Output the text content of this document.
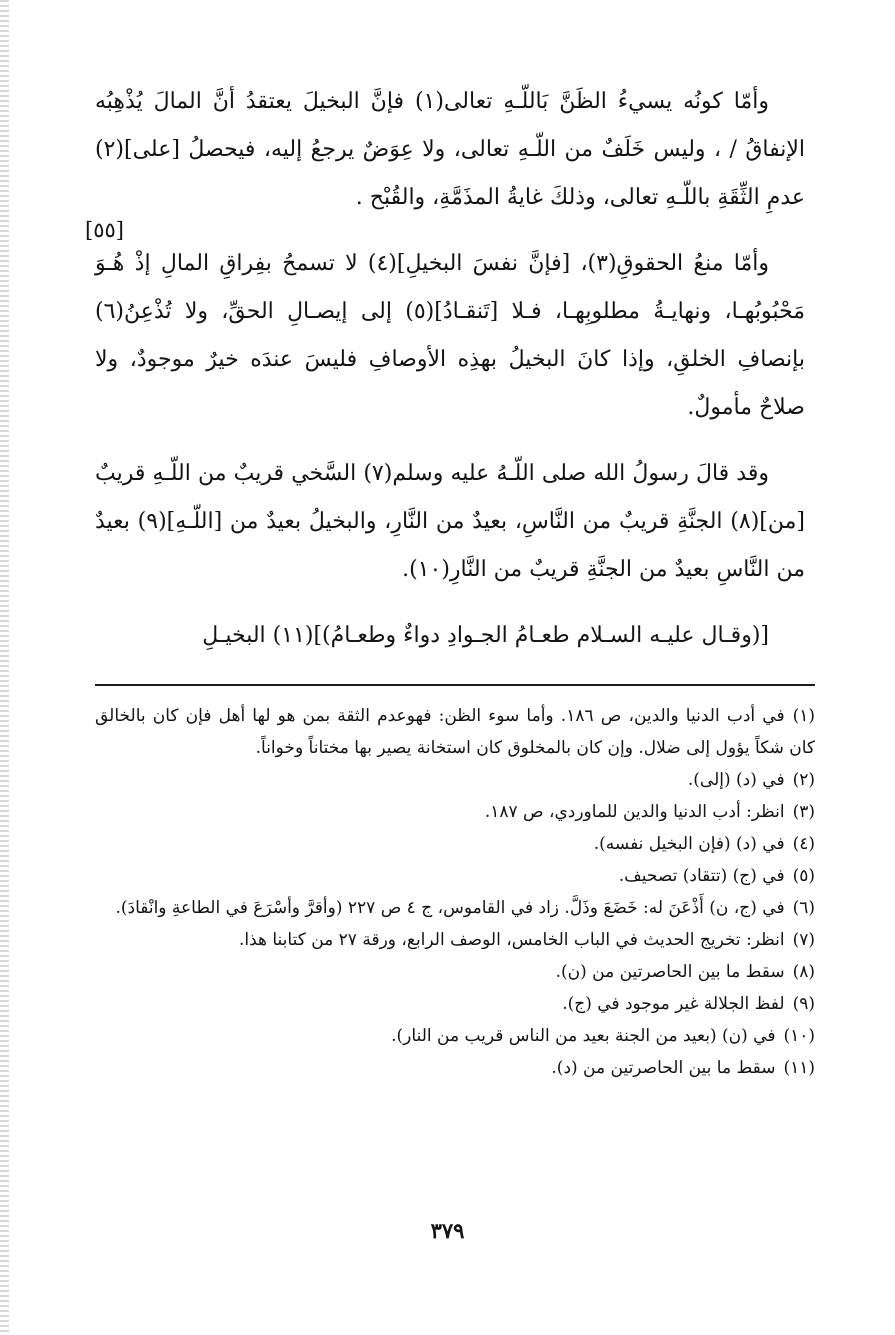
[٥٥]

وأمّا كونُه يسيءُ الظَنَّ بَاللّـهِ تعالى(١) فإنَّ البخيلَ يعتقدُ أنَّ المالَ يُذْهِبُه الإنفاقُ / ، وليس خَلَفٌ من اللّـهِ تعالى، ولا عِوَضٌ يرجعُ إليه، فيحصلُ [على](٢) عدمِ الثِّقَةِ باللّـهِ تعالى، وذلكَ غايةُ المذَمَّةِ، والقُبْح .

وأمّا منعُ الحقوقِ(٣)، [فإنَّ نفسَ البخيلِ](٤) لا تسمحُ بفِراقِ المالِ إذْ هُـوَ مَحْبُوبُهـا، ونهايـةُ مطلوبِهـا، فـلا [تَنقـادُ](٥) إلى إيصـالِ الحقِّ، ولا تُذْعِنُ(٦) بإنصافِ الخلقِ، وإذا كانَ البخيلُ بهذِه الأوصافِ فليسَ عندَه خيرٌ موجودٌ، ولا صلاحٌ مأمولٌ.

وقد قالَ رسولُ الله صلى اللّـهُ عليه وسلم(٧) السَّخي قريبٌ من اللّـهِ قريبٌ [من](٨) الجنَّةِ قريبٌ من النَّاسِ، بعيدٌ من النَّارِ، والبخيلُ بعيدٌ من [اللّـهِ](٩) بعيدٌ من النَّاسِ بعيدٌ من الجنَّةِ قريبٌ من النَّارِ(١٠).

[(وقـال عليـه السـلام طعـامُ الجـوادِ دواءٌ وطعـامُ)](١١) البخيـلِ

(١)في أدب الدنيا والدين، ص ١٨٦. وأما سوء الظن: فهوعدم الثقة بمن هو لها أهل فإن كان بالخالق كان شكاً يؤول إلى ضلال. وإن كان بالمخلوق كان استخانة يصير بها مختاناً وخواناً.

(٢)في (د) (إلى).

(٣)انظر: أدب الدنيا والدين للماوردي، ص ١٨٧.

(٤)في (د) (فإن البخيل نفسه).

(٥)في (ج) (تتقاد) تصحيف.

(٦)في (ج، ن) أَذْعَنَ له: خَضَعَ وذَلَّ. زاد في القاموس، ج ٤ ص ٢٢٧ (وأقرَّ وأسْرَعَ في الطاعةِ وانْقادَ).

(٧)انظر: تخريج الحديث في الباب الخامس، الوصف الرابع، ورقة ٢٧ من كتابنا هذا.

(٨)سقط ما بين الحاصرتين من (ن).

(٩)لفظ الجلالة غير موجود في (ج).

(١٠)في (ن) (بعيد من الجنة بعيد من الناس قريب من النار).

(١١)سقط ما بين الحاصرتين من (د).

٣٧٩
